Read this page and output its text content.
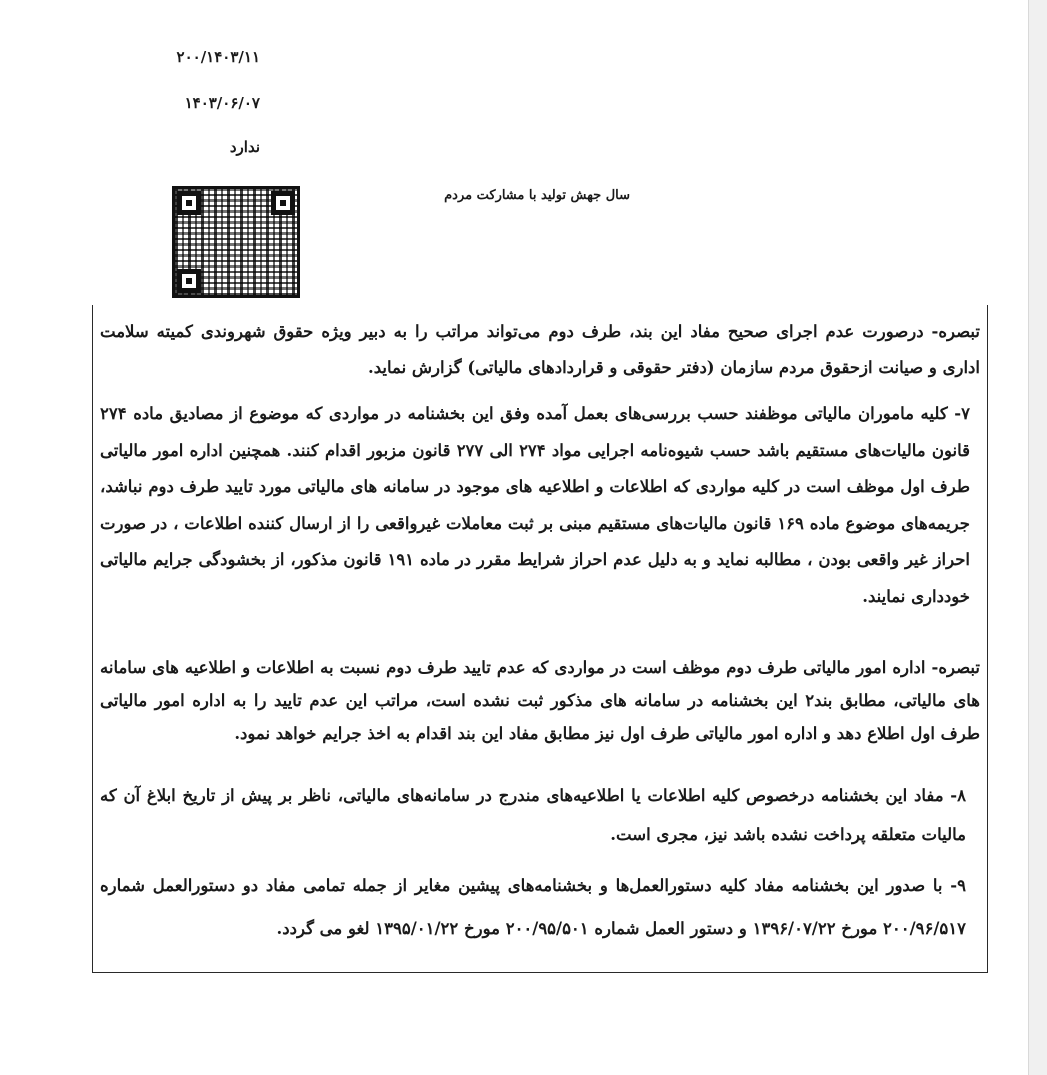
۲۰۰/۱۴۰۳/۱۱
۱۴۰۳/۰۶/۰۷
ندارد
سال جهش تولید با مشارکت مردم

تبصره- درصورت عدم اجرای صحیح مفاد این بند، طرف دوم می‌تواند مراتب را به دبیر ویژه حقوق شهروندی کمیته سلامت اداری و صیانت ازحقوق مردم سازمان (دفتر حقوقی و قراردادهای مالیاتی) گزارش نماید.

۷- کلیه ماموران مالیاتی موظفند حسب بررسی‌های بعمل آمده وفق این بخشنامه در مواردی که موضوع از مصادیق ماده ۲۷۴ قانون مالیات‌های مستقیم باشد حسب شیوه‌نامه اجرایی مواد ۲۷۴ الی ۲۷۷ قانون مزبور اقدام کنند. همچنین اداره امور مالیاتی طرف اول موظف است در کلیه مواردی که اطلاعات و اطلاعیه های موجود در سامانه های مالیاتی مورد تایید طرف دوم نباشد، جریمه‌های موضوع ماده ۱۶۹ قانون مالیات‌های مستقیم مبنی بر ثبت معاملات غیرواقعی را از ارسال کننده اطلاعات ، در صورت احراز غیر واقعی بودن ، مطالبه نماید و به دلیل عدم احراز شرایط مقرر در ماده ۱۹۱ قانون مذکور، از بخشودگی جرایم مالیاتی خودداری نمایند.

تبصره- اداره امور مالیاتی طرف دوم موظف است در مواردی که عدم تایید طرف دوم نسبت به اطلاعات و اطلاعیه های سامانه های مالیاتی، مطابق بند۲ این بخشنامه در سامانه های مذکور ثبت نشده است، مراتب این عدم تایید را به اداره امور مالیاتی طرف اول اطلاع دهد و اداره امور مالیاتی طرف اول نیز مطابق مفاد این بند اقدام به اخذ جرایم خواهد نمود.

۸- مفاد این بخشنامه درخصوص کلیه اطلاعات یا اطلاعیه‌های مندرج در سامانه‌های مالیاتی، ناظر بر پیش از تاریخ ابلاغ آن که مالیات متعلقه پرداخت نشده باشد نیز، مجری است.

۹- با صدور این بخشنامه مفاد کلیه دستورالعمل‌ها و بخشنامه‌های پیشین مغایر از جمله تمامی مفاد دو دستورالعمل شماره ۲۰۰/۹۶/۵۱۷ مورخ ۱۳۹۶/۰۷/۲۲ و دستور العمل شماره ۲۰۰/۹۵/۵۰۱ مورخ ۱۳۹۵/۰۱/۲۲ لغو می گردد.
